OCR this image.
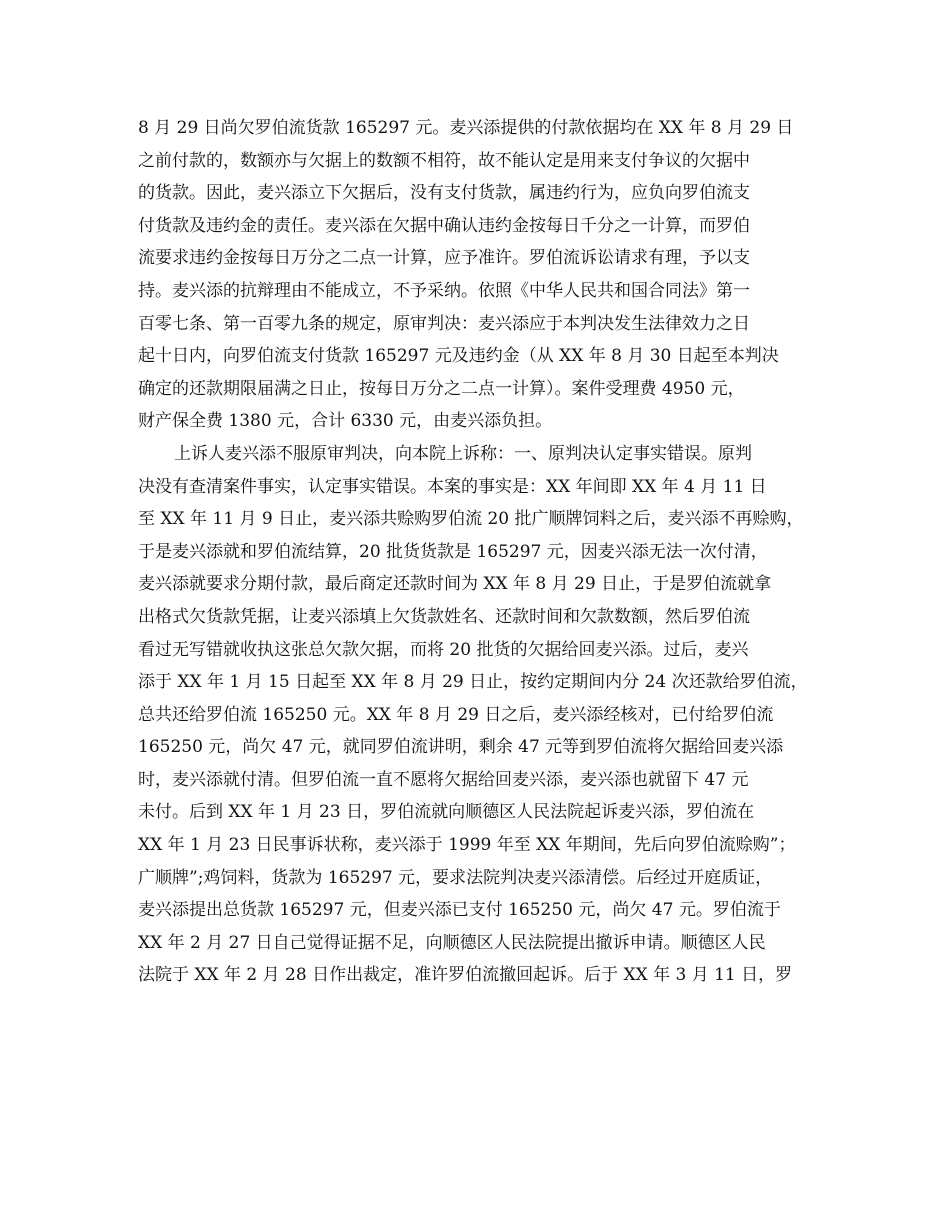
8 月 29 日尚欠罗伯流货款 165297 元。麦兴添提供的付款依据均在 XX 年 8 月 29 日
之前付款的，数额亦与欠据上的数额不相符，故不能认定是用来支付争议的欠据中
的货款。因此，麦兴添立下欠据后，没有支付货款，属违约行为，应负向罗伯流支
付货款及违约金的责任。麦兴添在欠据中确认违约金按每日千分之一计算，而罗伯
流要求违约金按每日万分之二点一计算，应予准许。罗伯流诉讼请求有理，予以支
持。麦兴添的抗辩理由不能成立，不予采纳。依照《中华人民共和国合同法》第一
百零七条、第一百零九条的规定，原审判决：麦兴添应于本判决发生法律效力之日
起十日内，向罗伯流支付货款 165297 元及违约金（从 XX 年 8 月 30 日起至本判决
确定的还款期限届满之日止，按每日万分之二点一计算）。案件受理费 4950 元，
财产保全费 1380 元，合计 6330 元，由麦兴添负担。
上诉人麦兴添不服原审判决，向本院上诉称：一、原判决认定事实错误。原判
决没有查清案件事实，认定事实错误。本案的事实是：XX 年间即 XX 年 4 月 11 日
至 XX 年 11 月 9 日止，麦兴添共赊购罗伯流 20 批广顺牌饲料之后，麦兴添不再赊购，
于是麦兴添就和罗伯流结算，20 批货货款是 165297 元，因麦兴添无法一次付清，
麦兴添就要求分期付款，最后商定还款时间为 XX 年 8 月 29 日止，于是罗伯流就拿
出格式欠货款凭据，让麦兴添填上欠货款姓名、还款时间和欠款数额，然后罗伯流
看过无写错就收执这张总欠款欠据，而将 20 批货的欠据给回麦兴添。过后，麦兴
添于 XX 年 1 月 15 日起至 XX 年 8 月 29 日止，按约定期间内分 24 次还款给罗伯流，
总共还给罗伯流 165250 元。XX 年 8 月 29 日之后，麦兴添经核对，已付给罗伯流
165250 元，尚欠 47 元，就同罗伯流讲明，剩余 47 元等到罗伯流将欠据给回麦兴添
时，麦兴添就付清。但罗伯流一直不愿将欠据给回麦兴添，麦兴添也就留下 47 元
未付。后到 XX 年 1 月 23 日，罗伯流就向顺德区人民法院起诉麦兴添，罗伯流在
XX 年 1 月 23 日民事诉状称，麦兴添于 1999 年至 XX 年期间，先后向罗伯流赊购”；
广顺牌”;鸡饲料，货款为 165297 元，要求法院判决麦兴添清偿。后经过开庭质证，
麦兴添提出总货款 165297 元，但麦兴添已支付 165250 元，尚欠 47 元。罗伯流于
XX 年 2 月 27 日自己觉得证据不足，向顺德区人民法院提出撤诉申请。顺德区人民
法院于 XX 年 2 月 28 日作出裁定，准许罗伯流撤回起诉。后于 XX 年 3 月 11 日，罗
